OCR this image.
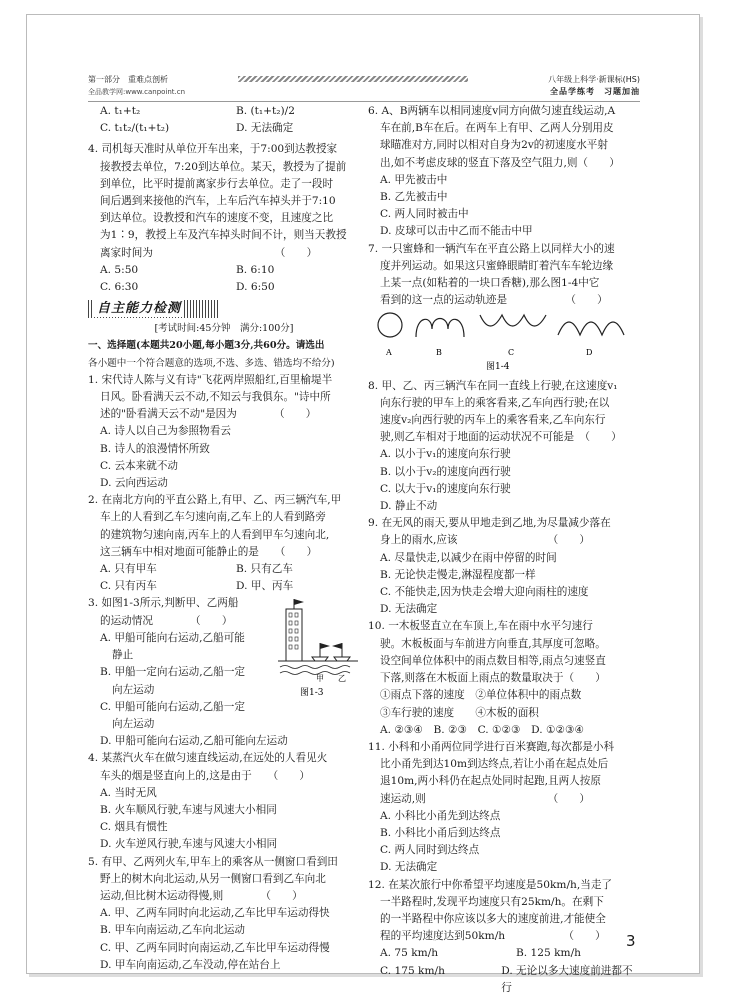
第一部分　重难点剖析	八年级上科学·新课标(HS)
全品教学网:www.canpoint.cn	全品学练考　习题加油
A. t₁+t₂	B. (t₁+t₂)/2
C. t₁t₂/(t₁+t₂)	D. 无法确定

4. 司机每天准时从单位开车出来，于7:00到达教授家

接教授去单位，7:20到达单位。某天，教授为了提前

到单位，比平时提前离家步行去单位。走了一段时

间后遇到来接他的汽车，上车后汽车掉头并于7:10

到达单位。设教授和汽车的速度不变，且速度之比

为1∶9，教授上车及汽车掉头时间不计，则当天教授

离家时间为　　　　　　　　　　　　（　　）

A. 5:50	B. 6:10
C. 6:30	D. 6:50
自主能力检测

[考试时间:45分钟　满分:100分]

一、选择题(本题共20小题,每小题3分,共60分。请选出

各小题中一个符合题意的选项,不选、多选、错选均不给分)

1. 宋代诗人陈与义有诗"飞花两岸照船红,百里榆堤半

日风。卧看满天云不动,不知云与我俱东。"诗中所

述的"卧看满天云不动"是因为　　　　（　　）

A. 诗人以自己为参照物看云

B. 诗人的浪漫情怀所致

C. 云本来就不动

D. 云向西运动

2. 在南北方向的平直公路上,有甲、乙、丙三辆汽车,甲

车上的人看到乙车匀速向南,乙车上的人看到路旁

的建筑物匀速向南,丙车上的人看到甲车匀速向北,

这三辆车中相对地面可能静止的是　　（　　）

A. 只有甲车	B. 只有乙车
C. 只有丙车	D. 甲、丙车

3. 如图1-3所示,判断甲、乙两船

的运动情况　　　　（　　）

A. 甲船可能向右运动,乙船可能

静止

B. 甲船一定向右运动,乙船一定

向左运动

C. 甲船可能向右运动,乙船一定

向左运动

D. 甲船可能向右运动,乙船可能向左运动

甲 乙
图1-3

4. 某蒸汽火车在做匀速直线运动,在远处的人看见火

车头的烟是竖直向上的,这是由于　　（　　）

A. 当时无风

B. 火车顺风行驶,车速与风速大小相同

C. 烟具有惯性

D. 火车逆风行驶,车速与风速大小相同

5. 有甲、乙两列火车,甲车上的乘客从一侧窗口看到田

野上的树木向北运动,从另一侧窗口看到乙车向北

运动,但比树木运动得慢,则　　　　（　　）

A. 甲、乙两车同时向北运动,乙车比甲车运动得快

B. 甲车向南运动,乙车向北运动

C. 甲、乙两车同时向南运动,乙车比甲车运动得慢

D. 甲车向南运动,乙车没动,停在站台上

6. A、B两辆车以相同速度v同方向做匀速直线运动,A

车在前,B车在后。在两车上有甲、乙两人分别用皮

球瞄准对方,同时以相对自身为2v的初速度水平射

出,如不考虑皮球的竖直下落及空气阻力,则（　　）

A. 甲先被击中

B. 乙先被击中

C. 两人同时被击中

D. 皮球可以击中乙而不能击中甲

7. 一只蜜蜂和一辆汽车在平直公路上以同样大小的速

度并列运动。如果这只蜜蜂眼睛盯着汽车车轮边缘

上某一点(如粘着的一块口香糖),那么图1-4中它

看到的这一点的运动轨迹是　　　　　　（　　）

A	B	C	D
图1-4

8. 甲、乙、丙三辆汽车在同一直线上行驶,在这速度v₁

向东行驶的甲车上的乘客看来,乙车向西行驶;在以

速度v₂向西行驶的丙车上的乘客看来,乙车向东行

驶,则乙车相对于地面的运动状况不可能是　（　　）

A. 以小于v₁的速度向东行驶

B. 以小于v₂的速度向西行驶

C. 以大于v₁的速度向东行驶

D. 静止不动

9. 在无风的雨天,要从甲地走到乙地,为尽量减少落在

身上的雨水,应该　　　　　　　　　（　　）

A. 尽量快走,以减少在雨中停留的时间

B. 无论快走慢走,淋湿程度都一样

C. 不能快走,因为快走会增大迎向雨柱的速度

D. 无法确定

10. 一木板竖直立在车顶上,车在雨中水平匀速行

驶。木板板面与车前进方向垂直,其厚度可忽略。

设空间单位体积中的雨点数目相等,雨点匀速竖直

下落,则落在木板面上雨点的数量取决于（　　）

①雨点下落的速度　②单位体积中的雨点数

③车行驶的速度　　④木板的面积

A. ②③④　B. ②③　C. ①②③　D. ①②③④

11. 小科和小甬两位同学进行百米赛跑,每次都是小科

比小甬先到达10m到达终点,若让小甬在起点处后

退10m,两小科仍在起点处同时起跑,且两人按原

速运动,则　　　　　　　　　　　　（　　）

A. 小科比小甬先到达终点

B. 小科比小甬后到达终点

C. 两人同时到达终点

D. 无法确定

12. 在某次旅行中你希望平均速度是50km/h,当走了

一半路程时,发现平均速度只有25km/h。在剩下

的一半路程中你应该以多大的速度前进,才能使全

程的平均速度达到50km/h　　　　　　（　　）

A. 75 km/h	B. 125 km/h
C. 175 km/h	D. 无论以多大速度前进都不行
3
